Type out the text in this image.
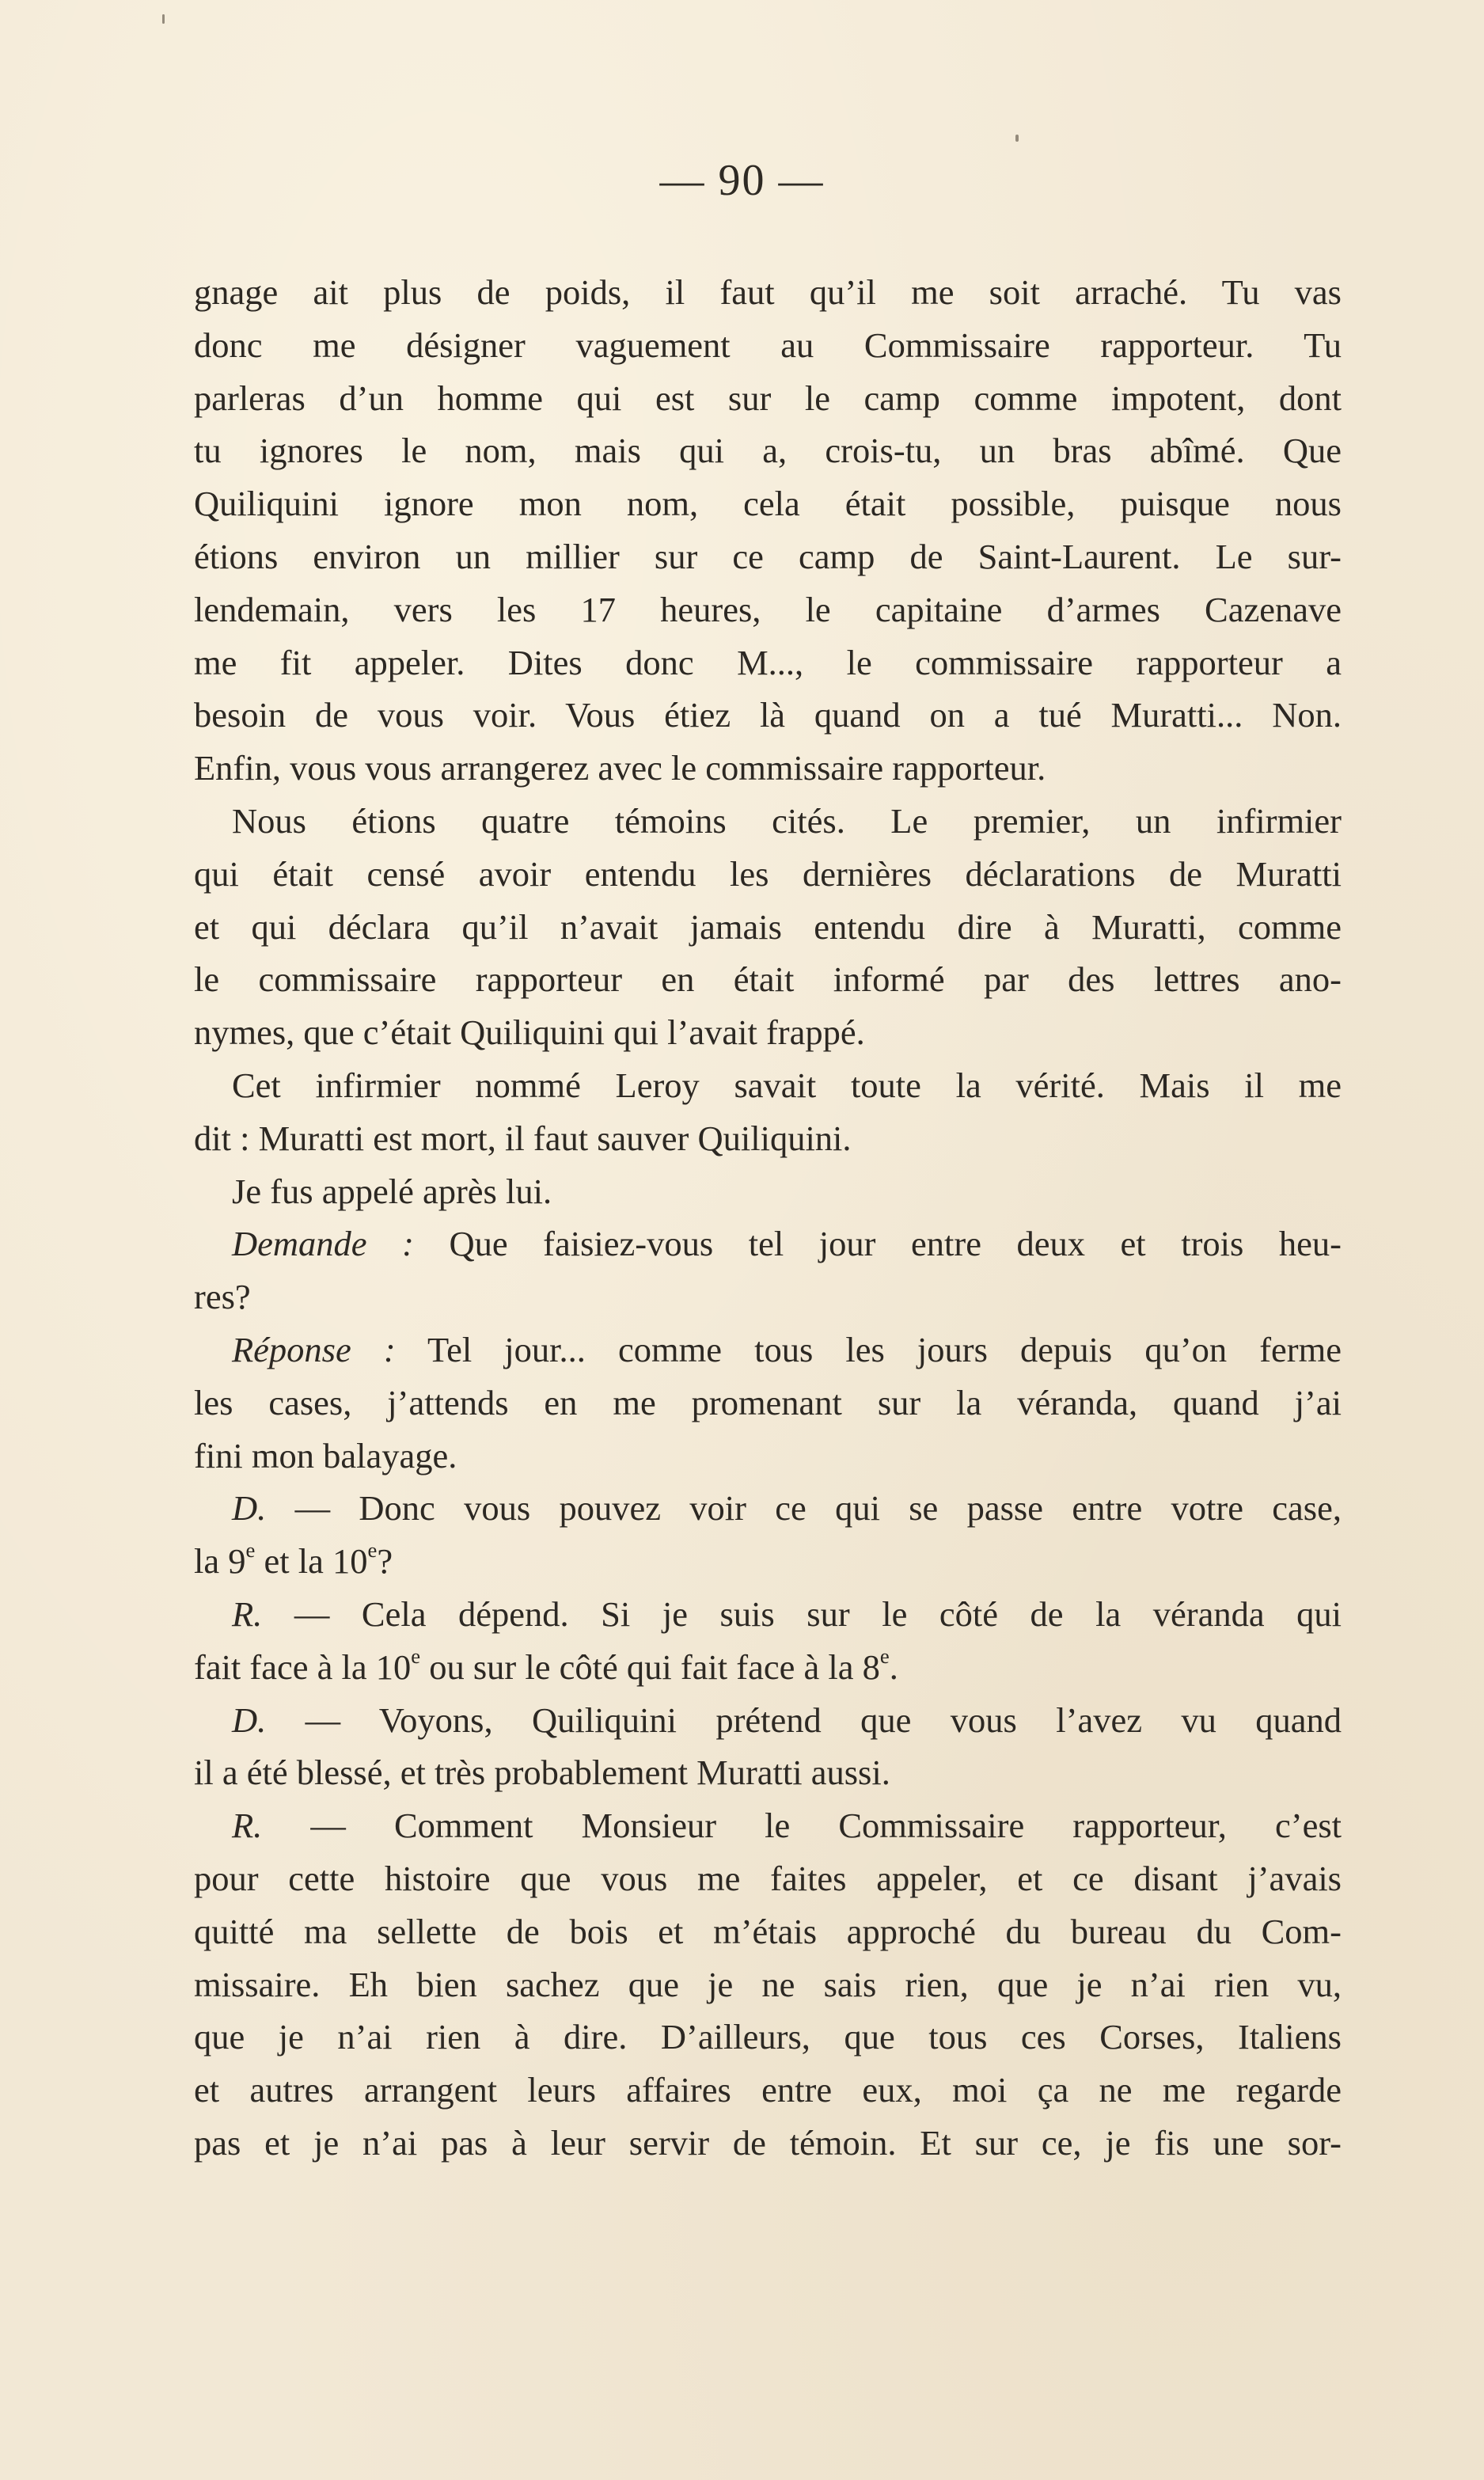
— 90 —
gnage ait plus de poids, il faut qu’il me soit arraché. Tu vas
donc me désigner vaguement au Commissaire rapporteur. Tu
parleras d’un homme qui est sur le camp comme impotent, dont
tu ignores le nom, mais qui a, crois-tu, un bras abîmé. Que
Quiliquini ignore mon nom, cela était possible, puisque nous
étions environ un millier sur ce camp de Saint-Laurent. Le sur-
lendemain, vers les 17 heures, le capitaine d’armes Cazenave
me fit appeler. Dites donc M..., le commissaire rapporteur a
besoin de vous voir. Vous étiez là quand on a tué Muratti... Non.
Enfin, vous vous arrangerez avec le commissaire rapporteur.
Nous étions quatre témoins cités. Le premier, un infirmier
qui était censé avoir entendu les dernières déclarations de Muratti
et qui déclara qu’il n’avait jamais entendu dire à Muratti, comme
le commissaire rapporteur en était informé par des lettres ano-
nymes, que c’était Quiliquini qui l’avait frappé.
Cet infirmier nommé Leroy savait toute la vérité. Mais il me
dit : Muratti est mort, il faut sauver Quiliquini.
Je fus appelé après lui.
Demande : Que faisiez-vous tel jour entre deux et trois heu-
res?
Réponse : Tel jour... comme tous les jours depuis qu’on ferme
les cases, j’attends en me promenant sur la véranda, quand j’ai
fini mon balayage.
D. — Donc vous pouvez voir ce qui se passe entre votre case,
la 9e et la 10e?
R. — Cela dépend. Si je suis sur le côté de la véranda qui
fait face à la 10e ou sur le côté qui fait face à la 8e.
D. — Voyons, Quiliquini prétend que vous l’avez vu quand
il a été blessé, et très probablement Muratti aussi.
R. — Comment Monsieur le Commissaire rapporteur, c’est
pour cette histoire que vous me faites appeler, et ce disant j’avais
quitté ma sellette de bois et m’étais approché du bureau du Com-
missaire. Eh bien sachez que je ne sais rien, que je n’ai rien vu,
que je n’ai rien à dire. D’ailleurs, que tous ces Corses, Italiens
et autres arrangent leurs affaires entre eux, moi ça ne me regarde
pas et je n’ai pas à leur servir de témoin. Et sur ce, je fis une sor-
